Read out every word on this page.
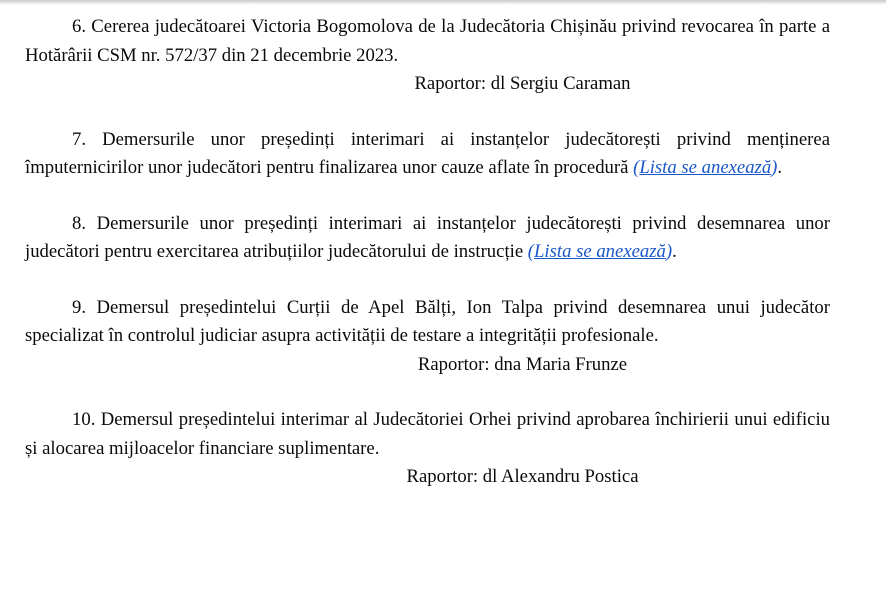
6. Cererea judecătoarei Victoria Bogomolova de la Judecătoria Chișinău privind revocarea în parte a Hotărârii CSM nr. 572/37 din 21 decembrie 2023.

Raportor: dl Sergiu Caraman

7. Demersurile unor președinți interimari ai instanțelor judecătorești privind menținerea împuternicirilor unor judecători pentru finalizarea unor cauze aflate în procedură (Lista se anexează).

8. Demersurile unor președinți interimari ai instanțelor judecătorești privind desemnarea unor judecători pentru exercitarea atribuțiilor judecătorului de instrucție (Lista se anexează).

9. Demersul președintelui Curții de Apel Bălți, Ion Talpa privind desemnarea unui judecător specializat în controlul judiciar asupra activității de testare a integrității profesionale.

Raportor: dna Maria Frunze

10. Demersul președintelui interimar al Judecătoriei Orhei privind aprobarea închirierii unui edificiu și alocarea mijloacelor financiare suplimentare.

Raportor: dl Alexandru Postica
